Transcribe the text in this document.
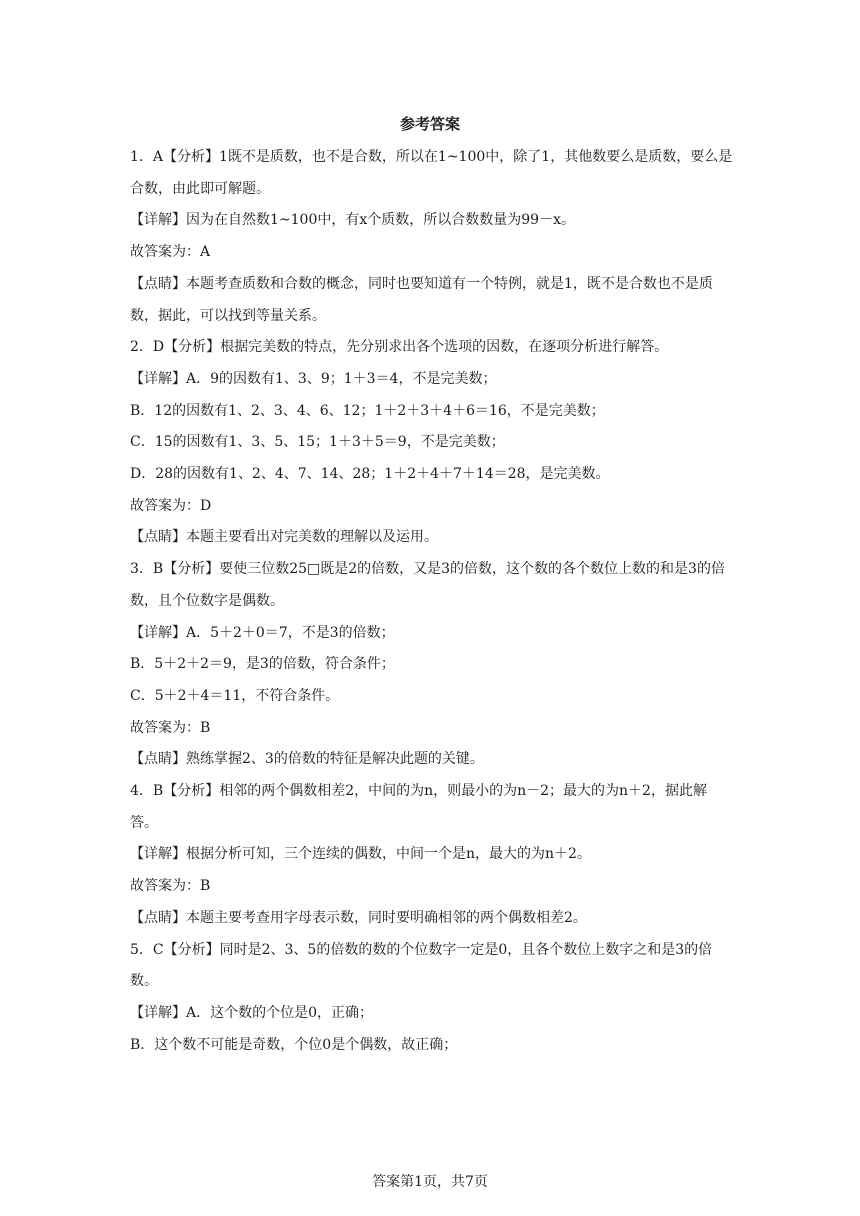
参考答案

1．A【分析】1既不是质数，也不是合数，所以在1~100中，除了1，其他数要么是质数，要么是合数，由此即可解题。

【详解】因为在自然数1~100中，有x个质数，所以合数数量为99－x。

故答案为：A

【点睛】本题考查质数和合数的概念，同时也要知道有一个特例，就是1，既不是合数也不是质数，据此，可以找到等量关系。

2．D【分析】根据完美数的特点，先分别求出各个选项的因数，在逐项分析进行解答。

【详解】A．9的因数有1、3、9；1＋3＝4，不是完美数；

B．12的因数有1、2、3、4、6、12；1＋2＋3＋4＋6＝16，不是完美数；

C．15的因数有1、3、5、15；1＋3＋5＝9，不是完美数；

D．28的因数有1、2、4、7、14、28；1＋2＋4＋7＋14＝28，是完美数。

故答案为：D

【点睛】本题主要看出对完美数的理解以及运用。

3．B【分析】要使三位数25□既是2的倍数，又是3的倍数，这个数的各个数位上数的和是3的倍数，且个位数字是偶数。

【详解】A．5＋2＋0＝7，不是3的倍数；

B．5＋2＋2＝9，是3的倍数，符合条件；

C．5＋2＋4＝11，不符合条件。

故答案为：B

【点睛】熟练掌握2、3的倍数的特征是解决此题的关键。

4．B【分析】相邻的两个偶数相差2，中间的为n，则最小的为n－2；最大的为n＋2，据此解答。

【详解】根据分析可知，三个连续的偶数，中间一个是n，最大的为n＋2。

故答案为：B

【点睛】本题主要考查用字母表示数，同时要明确相邻的两个偶数相差2。

5．C【分析】同时是2、3、5的倍数的数的个位数字一定是0，且各个数位上数字之和是3的倍数。

【详解】A．这个数的个位是0，正确；

B．这个数不可能是奇数，个位0是个偶数，故正确；

答案第1页，共7页
